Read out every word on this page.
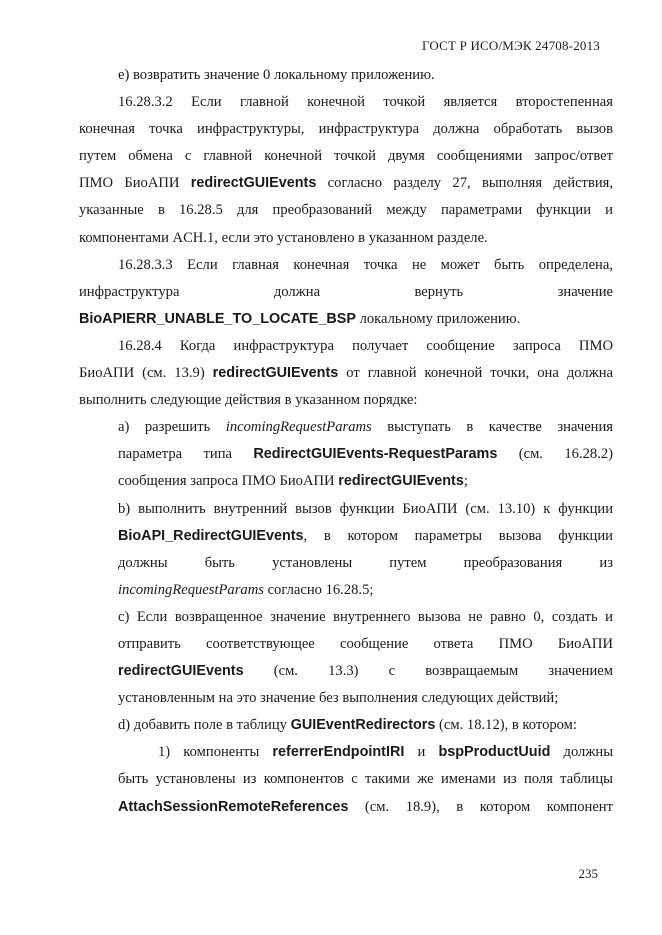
ГОСТ Р ИСО/МЭК 24708-2013
e) возвратить значение 0 локальному приложению.
16.28.3.2 Если главной конечной точкой является второстепенная
конечная точка инфраструктуры, инфраструктура должна обработать вызов
путем обмена с главной конечной точкой двумя сообщениями запрос/ответ
ПМО БиоАПИ redirectGUIEvents согласно разделу 27, выполняя действия,
указанные в 16.28.5 для преобразований между параметрами функции и
компонентами ACH.1, если это установлено в указанном разделе.
16.28.3.3 Если главная конечная точка не может быть определена,
инфраструктура должна вернуть значение
BioAPIERR_UNABLE_TO_LOCATE_BSP локальному приложению.
16.28.4 Когда инфраструктура получает сообщение запроса ПМО
БиоАПИ (см. 13.9) redirectGUIEvents от главной конечной точки, она должна
выполнить следующие действия в указанном порядке:
a) разрешить incomingRequestParams выступать в качестве значения
параметра типа RedirectGUIEvents-RequestParams (см. 16.28.2)
сообщения запроса ПМО БиоАПИ redirectGUIEvents;
b) выполнить внутренний вызов функции БиоАПИ (см. 13.10) к функции
BioAPI_RedirectGUIEvents, в котором параметры вызова функции
должны быть установлены путем преобразования из
incomingRequestParams согласно 16.28.5;
c) Если возвращенное значение внутреннего вызова не равно 0, создать и
отправить соответствующее сообщение ответа ПМО БиоАПИ
redirectGUIEvents (см. 13.3) с возвращаемым значением
установленным на это значение без выполнения следующих действий;
d) добавить поле в таблицу GUIEventRedirectors (см. 18.12), в котором:
1) компоненты referrerEndpointIRI и bspProductUuid должны
быть установлены из компонентов с такими же именами из поля таблицы
AttachSessionRemoteReferences (см. 18.9), в котором компонент
235
